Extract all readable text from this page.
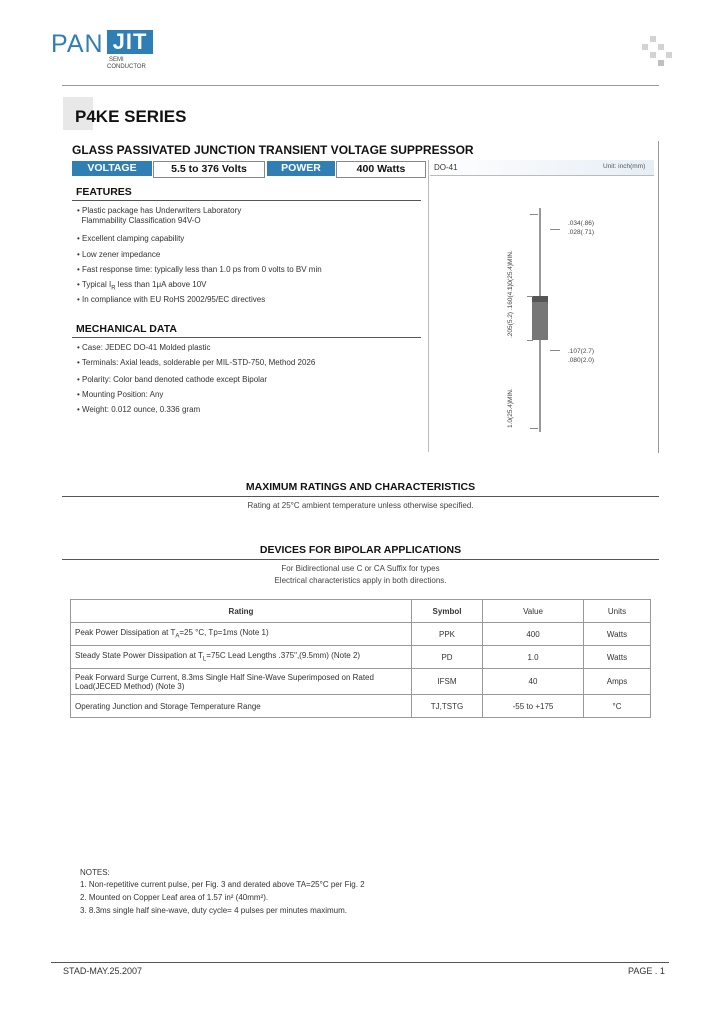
PAN JIT
SEMI
CONDUCTOR
P4KE SERIES
GLASS PASSIVATED JUNCTION TRANSIENT VOLTAGE SUPPRESSOR
VOLTAGE	5.5 to 376 Volts	POWER	400 Watts	DO-41	Unit: inch(mm)
FEATURES
• Plastic package has Underwriters Laboratory
Flammability Classification 94V-O
• Excellent clamping capability
• Low zener impedance
• Fast response time: typically less than 1.0 ps from 0 volts to BV min
• Typical $I_R$ less than 1μA above 10V
• In compliance with EU RoHS 2002/95/EC directives
MECHANICAL DATA
• Case: JEDEC DO-41 Molded plastic
• Terminals: Axial leads, solderable per MIL-STD-750, Method 2026
• Polarity: Color band denoted cathode except Bipolar
• Mounting Position: Any
• Weight: 0.012 ounce, 0.336 gram
.034(.86)
.028(.71)
1.0(25.4)MIN.
.205(5.2) .160(4.1)
.107(2.7)
.080(2.0)
1.0(25.4)MIN.
MAXIMUM RATINGS AND CHARACTERISTICS
Rating at 25°C ambient temperature unless otherwise specified.
DEVICES FOR BIPOLAR APPLICATIONS
For Bidirectional use C or CA Suffix for types
Electrical characteristics apply in both directions.
Rating	Symbol	Value	Units
Peak Power Dissipation at $T_A=25$ °C, Tp=1ms (Note 1)	PPK	400	Watts
Steady State Power Dissipation at $T_L=75C$ Lead Lengths .375",(9.5mm) (Note 2)	PD	1.0	Watts
Peak Forward Surge Current, 8.3ms Single Half Sine-Wave Superimposed on Rated Load(JECED Method) (Note 3)	IFSM	40	Amps
Operating Junction and Storage Temperature Range	TJ,TSTG	-55 to +175	°C
NOTES:
1. Non-repetitive current pulse, per Fig. 3 and derated above TA=25°C per Fig. 2
2. Mounted on Copper Leaf area of 1.57 in² (40mm²).
3. 8.3ms single half sine-wave, duty cycle= 4 pulses per minutes maximum.
STAD-MAY.25.2007	PAGE . 1
